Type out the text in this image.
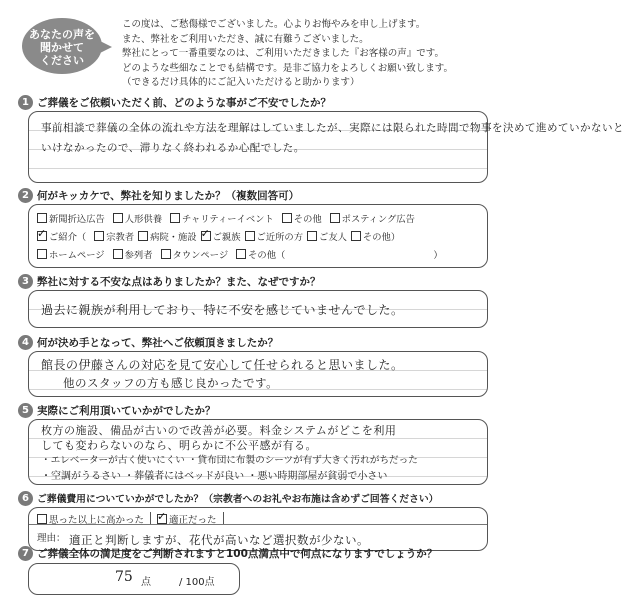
あなたの声を
聞かせて
ください
この度は、ご愁傷様でございました。心よりお悔やみを申し上げます。
また、弊社をご利用いただき、誠に有難うございました。
弊社にとって一番重要なのは、ご利用いただきました『お客様の声』です。
どのような些細なことでも結構です。是非ご協力をよろしくお願い致します。
（できるだけ具体的にご記入いただけると助かります）
1 ご葬儀をご依頼いただく前、どのような事がご不安でしたか？
事前相談で葬儀の全体の流れや方法を理解はしていましたが、実際には限られた時間で物事を決めて進めていかないと
いけなかったので、滞りなく終われるか心配でした。
2 何がキッカケで、弊社を知りましたか？（複数回答可）
新聞折込広告 人形供養 チャリティーイベント その他 ポスティング広告
✓
ご紹介（ 宗教者 病院・施設 ✓ ご親族 ご近所の方 ご友人 その他）
ホームページ 参列者 タウンページ その他（	）
3 弊社に対する不安な点はありましたか？また、なぜですか？
過去に親族が利用しており、特に不安を感じていませんでした。
4 何が決め手となって、弊社へご依頼頂きましたか？
館長の伊藤さんの対応を見て安心して任せられると思いました。
他のスタッフの方も感じ良かったです。
5 実際にご利用頂いていかがでしたか？
枚方の施設、備品が古いので改善が必要。料金システムがどこを利用
しても変わらないのなら、明らかに不公平感が有る。
・エレベーターが古く使いにくい ・貸布団に布製のシーツが有ず大きく汚れがちだった
・空調がうるさい ・葬儀者にはベッドが良い ・悪い時期部屋が貧弱で小さい
6 ご葬儀費用についていかがでしたか？（宗教者へのお礼やお布施は含めずご回答ください）
思った以上に高かった ✓	適正だった
理由： 適正と判断しますが、花代が高いなど選択数が少ない。
7 ご葬儀全体の満足度をご判断されますと100点満点中で何点になりますでしょうか？
75 点	/ 100点
